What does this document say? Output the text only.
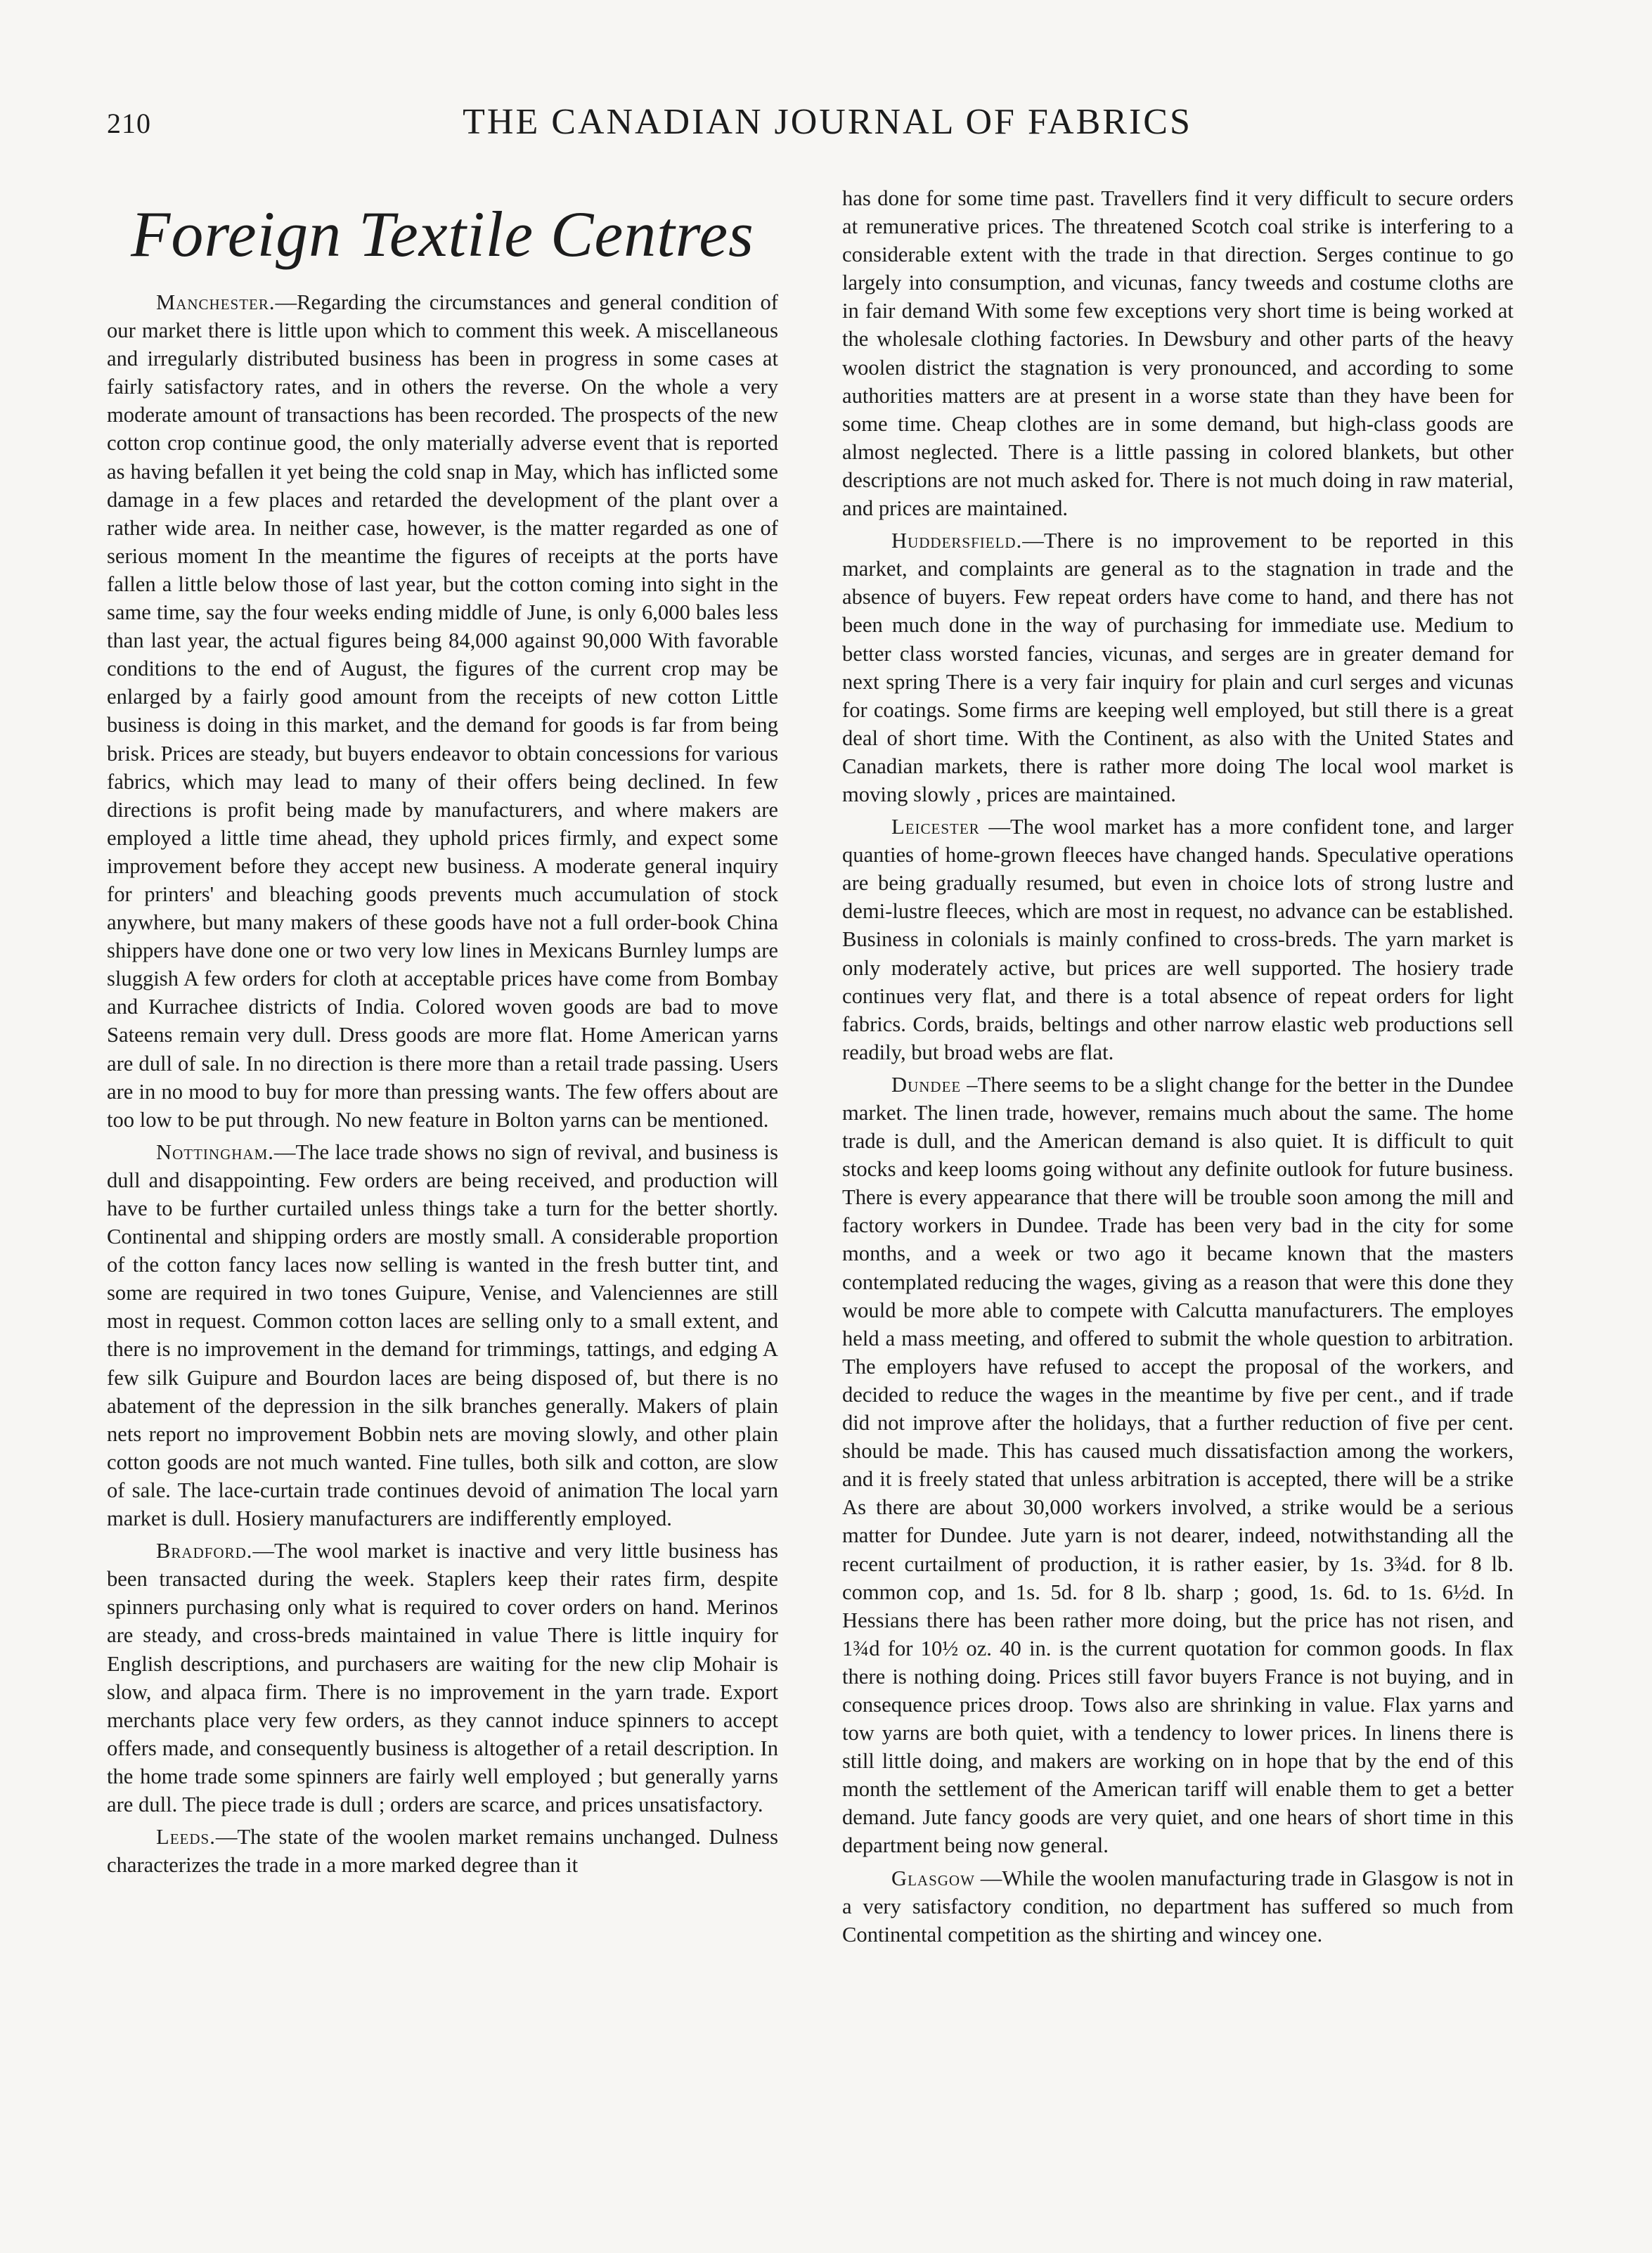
210	THE CANADIAN JOURNAL OF FABRICS
Foreign Textile Centres

Manchester.—Regarding the circumstances and general condition of our market there is little upon which to comment this week. A miscellaneous and irregularly distributed business has been in progress in some cases at fairly satisfactory rates, and in others the reverse. On the whole a very moderate amount of transactions has been recorded. The prospects of the new cotton crop continue good, the only materially adverse event that is reported as having befallen it yet being the cold snap in May, which has inflicted some damage in a few places and retarded the development of the plant over a rather wide area. In neither case, however, is the matter regarded as one of serious moment In the meantime the figures of receipts at the ports have fallen a little below those of last year, but the cotton coming into sight in the same time, say the four weeks ending middle of June, is only 6,000 bales less than last year, the actual figures being 84,000 against 90,000 With favorable conditions to the end of August, the figures of the current crop may be enlarged by a fairly good amount from the receipts of new cotton Little business is doing in this market, and the demand for goods is far from being brisk. Prices are steady, but buyers endeavor to obtain concessions for various fabrics, which may lead to many of their offers being declined. In few directions is profit being made by manufacturers, and where makers are employed a little time ahead, they uphold prices firmly, and expect some improvement before they accept new business. A moderate general inquiry for printers' and bleaching goods prevents much accumulation of stock anywhere, but many makers of these goods have not a full order-book China shippers have done one or two very low lines in Mexicans Burnley lumps are sluggish A few orders for cloth at acceptable prices have come from Bombay and Kurrachee districts of India. Colored woven goods are bad to move Sateens remain very dull. Dress goods are more flat. Home American yarns are dull of sale. In no direction is there more than a retail trade passing. Users are in no mood to buy for more than pressing wants. The few offers about are too low to be put through. No new feature in Bolton yarns can be mentioned.

Nottingham.—The lace trade shows no sign of revival, and business is dull and disappointing. Few orders are being received, and production will have to be further curtailed unless things take a turn for the better shortly. Continental and shipping orders are mostly small. A considerable proportion of the cotton fancy laces now selling is wanted in the fresh butter tint, and some are required in two tones Guipure, Venise, and Valenciennes are still most in request. Common cotton laces are selling only to a small extent, and there is no improvement in the demand for trimmings, tattings, and edging A few silk Guipure and Bourdon laces are being disposed of, but there is no abatement of the depression in the silk branches generally. Makers of plain nets report no improvement Bobbin nets are moving slowly, and other plain cotton goods are not much wanted. Fine tulles, both silk and cotton, are slow of sale. The lace-curtain trade continues devoid of animation The local yarn market is dull. Hosiery manufacturers are indifferently employed.

Bradford.—The wool market is inactive and very little business has been transacted during the week. Staplers keep their rates firm, despite spinners purchasing only what is required to cover orders on hand. Merinos are steady, and cross-breds maintained in value There is little inquiry for English descriptions, and purchasers are waiting for the new clip Mohair is slow, and alpaca firm. There is no improvement in the yarn trade. Export merchants place very few orders, as they cannot induce spinners to accept offers made, and consequently business is altogether of a retail description. In the home trade some spinners are fairly well employed ; but generally yarns are dull. The piece trade is dull ; orders are scarce, and prices unsatisfactory.

Leeds.—The state of the woolen market remains unchanged. Dulness characterizes the trade in a more marked degree than it

has done for some time past. Travellers find it very difficult to secure orders at remunerative prices. The threatened Scotch coal strike is interfering to a considerable extent with the trade in that direction. Serges continue to go largely into consumption, and vicunas, fancy tweeds and costume cloths are in fair demand With some few exceptions very short time is being worked at the wholesale clothing factories. In Dewsbury and other parts of the heavy woolen district the stagnation is very pronounced, and according to some authorities matters are at present in a worse state than they have been for some time. Cheap clothes are in some demand, but high-class goods are almost neglected. There is a little passing in colored blankets, but other descriptions are not much asked for. There is not much doing in raw material, and prices are maintained.

Huddersfield.—There is no improvement to be reported in this market, and complaints are general as to the stagnation in trade and the absence of buyers. Few repeat orders have come to hand, and there has not been much done in the way of purchasing for immediate use. Medium to better class worsted fancies, vicunas, and serges are in greater demand for next spring There is a very fair inquiry for plain and curl serges and vicunas for coatings. Some firms are keeping well employed, but still there is a great deal of short time. With the Continent, as also with the United States and Canadian markets, there is rather more doing The local wool market is moving slowly , prices are maintained.

Leicester —The wool market has a more confident tone, and larger quanties of home-grown fleeces have changed hands. Speculative operations are being gradually resumed, but even in choice lots of strong lustre and demi-lustre fleeces, which are most in request, no advance can be established. Business in colonials is mainly confined to cross-breds. The yarn market is only moderately active, but prices are well supported. The hosiery trade continues very flat, and there is a total absence of repeat orders for light fabrics. Cords, braids, beltings and other narrow elastic web productions sell readily, but broad webs are flat.

Dundee –There seems to be a slight change for the better in the Dundee market. The linen trade, however, remains much about the same. The home trade is dull, and the American demand is also quiet. It is difficult to quit stocks and keep looms going without any definite outlook for future business. There is every appearance that there will be trouble soon among the mill and factory workers in Dundee. Trade has been very bad in the city for some months, and a week or two ago it became known that the masters contemplated reducing the wages, giving as a reason that were this done they would be more able to compete with Calcutta manufacturers. The employes held a mass meeting, and offered to submit the whole question to arbitration. The employers have refused to accept the proposal of the workers, and decided to reduce the wages in the meantime by five per cent., and if trade did not improve after the holidays, that a further reduction of five per cent. should be made. This has caused much dissatisfaction among the workers, and it is freely stated that unless arbitration is accepted, there will be a strike As there are about 30,000 workers involved, a strike would be a serious matter for Dundee. Jute yarn is not dearer, indeed, notwithstanding all the recent curtailment of production, it is rather easier, by 1s. 3¾d. for 8 lb. common cop, and 1s. 5d. for 8 lb. sharp ; good, 1s. 6d. to 1s. 6½d. In Hessians there has been rather more doing, but the price has not risen, and 1¾d for 10½ oz. 40 in. is the current quotation for common goods. In flax there is nothing doing. Prices still favor buyers France is not buying, and in consequence prices droop. Tows also are shrinking in value. Flax yarns and tow yarns are both quiet, with a tendency to lower prices. In linens there is still little doing, and makers are working on in hope that by the end of this month the settlement of the American tariff will enable them to get a better demand. Jute fancy goods are very quiet, and one hears of short time in this department being now general.

Glasgow —While the woolen manufacturing trade in Glasgow is not in a very satisfactory condition, no department has suffered so much from Continental competition as the shirting and wincey one.
